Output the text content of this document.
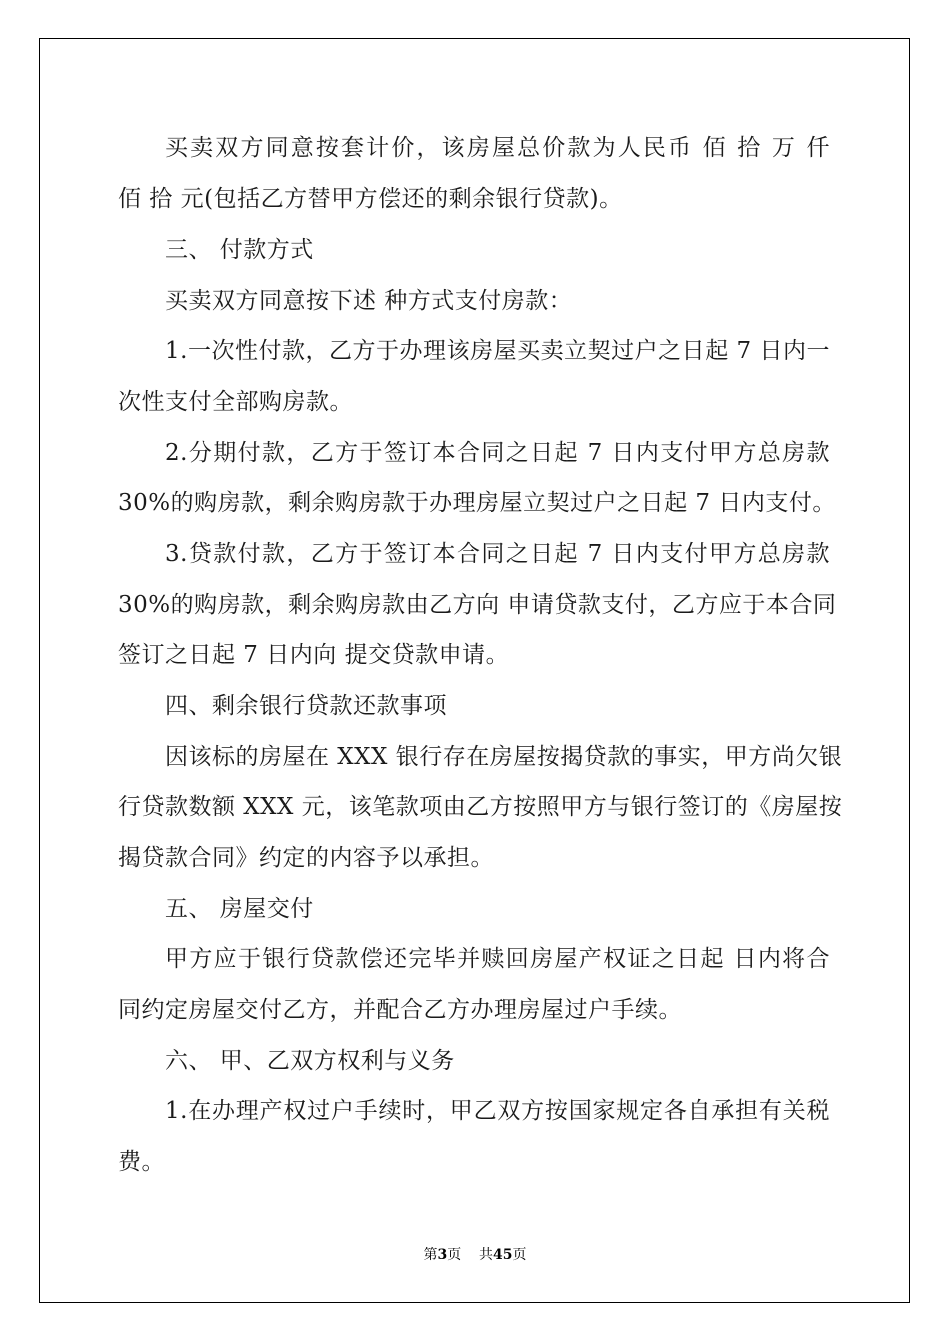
买卖双方同意按套计价，该房屋总价款为人民币 佰 拾 万 仟

佰 拾 元(包括乙方替甲方偿还的剩余银行贷款)。

三、 付款方式

买卖双方同意按下述 种方式支付房款：

1.一次性付款，乙方于办理该房屋买卖立契过户之日起 7 日内一

次性支付全部购房款。

2.分期付款，乙方于签订本合同之日起 7 日内支付甲方总房款

30%的购房款，剩余购房款于办理房屋立契过户之日起 7 日内支付。

3.贷款付款，乙方于签订本合同之日起 7 日内支付甲方总房款

30%的购房款，剩余购房款由乙方向 申请贷款支付，乙方应于本合同

签订之日起 7 日内向 提交贷款申请。

四、剩余银行贷款还款事项

因该标的房屋在 XXX 银行存在房屋按揭贷款的事实，甲方尚欠银

行贷款数额 XXX 元，该笔款项由乙方按照甲方与银行签订的《房屋按

揭贷款合同》约定的内容予以承担。

五、 房屋交付

甲方应于银行贷款偿还完毕并赎回房屋产权证之日起 日内将合

同约定房屋交付乙方，并配合乙方办理房屋过户手续。

六、 甲、乙双方权利与义务

1.在办理产权过户手续时，甲乙双方按国家规定各自承担有关税

费。

第3页 共45页
